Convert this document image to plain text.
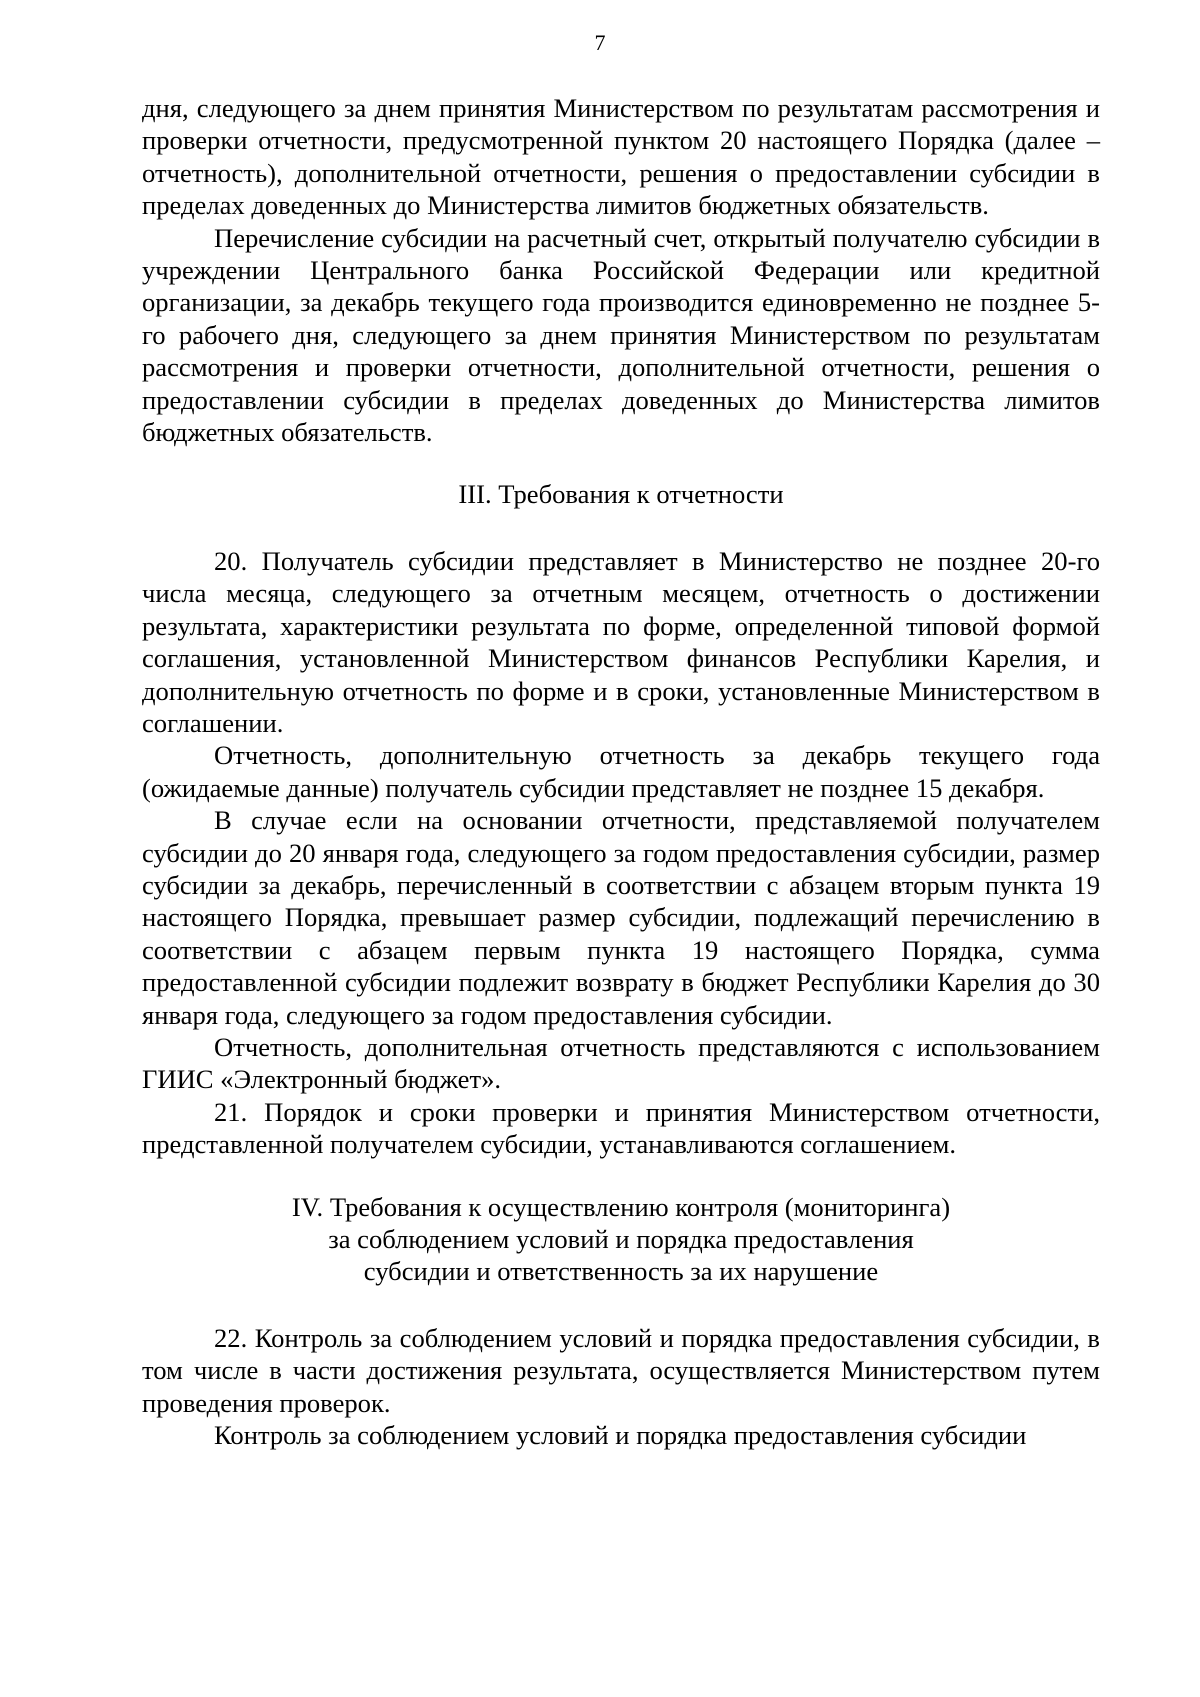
7

дня, следующего за днем принятия Министерством по результатам рассмотрения и проверки отчетности, предусмотренной пунктом 20 настоящего Порядка (далее – отчетность), дополнительной отчетности, решения о предоставлении субсидии в пределах доведенных до Министерства лимитов бюджетных обязательств.

Перечисление субсидии на расчетный счет, открытый получателю субсидии в учреждении Центрального банка Российской Федерации или кредитной организации, за декабрь текущего года производится единовременно не позднее 5-го рабочего дня, следующего за днем принятия Министерством по результатам рассмотрения и проверки отчетности, дополнительной отчетности, решения о предоставлении субсидии в пределах доведенных до Министерства лимитов бюджетных обязательств.

III. Требования к отчетности

20. Получатель субсидии представляет в Министерство не позднее 20-го числа месяца, следующего за отчетным месяцем, отчетность о достижении результата, характеристики результата по форме, определенной типовой формой соглашения, установленной Министерством финансов Республики Карелия, и дополнительную отчетность по форме и в сроки, установленные Министерством в соглашении.

Отчетность, дополнительную отчетность за декабрь текущего года (ожидаемые данные) получатель субсидии представляет не позднее 15 декабря.

В случае если на основании отчетности, представляемой получателем субсидии до 20 января года, следующего за годом предоставления субсидии, размер субсидии за декабрь, перечисленный в соответствии с абзацем вторым пункта 19 настоящего Порядка, превышает размер субсидии, подлежащий перечислению в соответствии с абзацем первым пункта 19 настоящего Порядка, сумма предоставленной субсидии подлежит возврату в бюджет Республики Карелия до 30 января года, следующего за годом предоставления субсидии.

Отчетность, дополнительная отчетность представляются с использованием ГИИС «Электронный бюджет».

21. Порядок и сроки проверки и принятия Министерством отчетности, представленной получателем субсидии, устанавливаются соглашением.

IV. Требования к осуществлению контроля (мониторинга)
за соблюдением условий и порядка предоставления
субсидии и ответственность за их нарушение

22. Контроль за соблюдением условий и порядка предоставления субсидии, в том числе в части достижения результата, осуществляется Министерством путем проведения проверок.

Контроль за соблюдением условий и порядка предоставления субсидии
